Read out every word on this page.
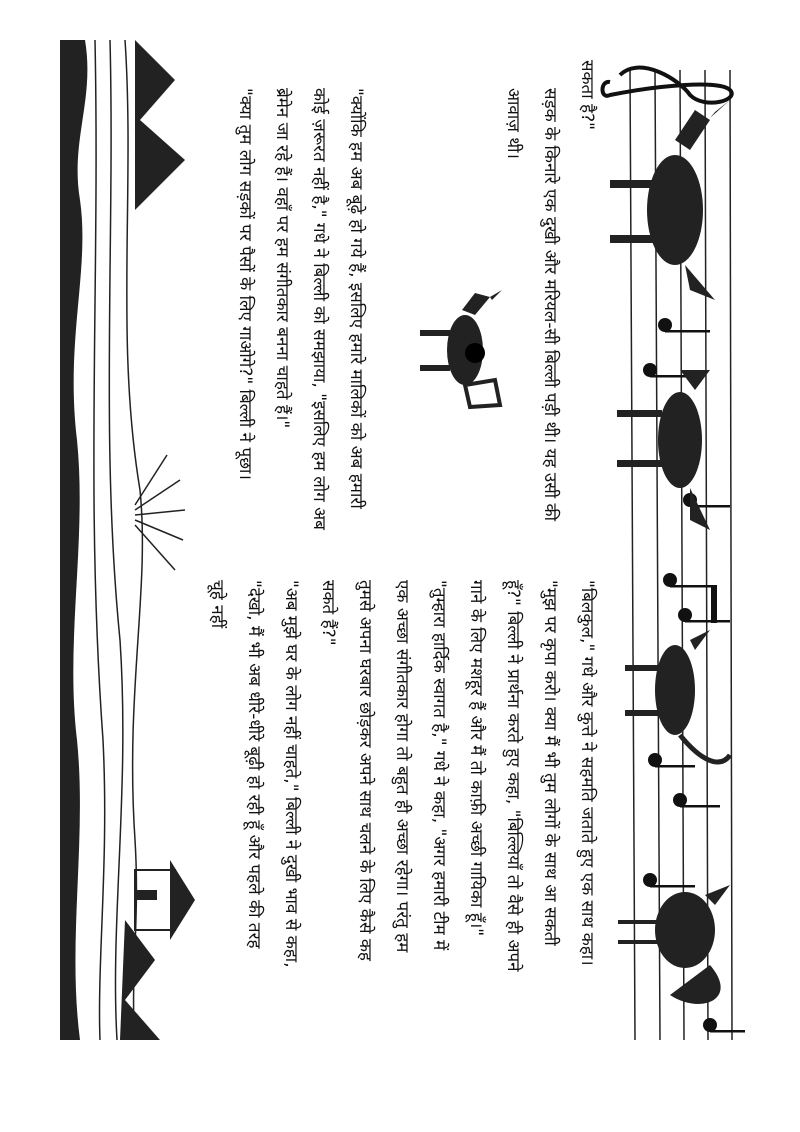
सकता है?"

सड़क के किनारे एक दुखी और मरियल-सी बिल्ली पड़ी थी। यह उसी की आवाज़ थी।

"क्योंकि हम अब बूढ़े हो गये हैं, इसलिए हमारे मालिकों को अब हमारी कोई ज़रूरत नहीं है," गधे ने बिल्ली को समझाया, "इसलिए हम लोग अब ब्रेमेन जा रहे हैं। वहाँ पर हम संगीतकार बनना चाहते हैं।"

"क्या तुम लोग सड़कों पर पैसों के लिए गाओगे?" बिल्ली ने पूछा।

"बिलकुल," गधे और कुत्ते ने सहमति जताते हुए एक साथ कहा।

"मुझ पर कृपा करो। क्या मैं भी तुम लोगों के साथ आ सकती हूँ?" बिल्ली ने प्रार्थना करते हुए कहा, "बिल्लियाँ तो वैसे ही अपने गाने के लिए मशहूर हैं और मैं तो काफ़ी अच्छी गायिका हूँ।"

"तुम्हारा हार्दिक स्वागत है," गधे ने कहा, "अगर हमारी टीम में एक अच्छा संगीतकार होगा तो बहुत ही अच्छा रहेगा। परंतु हम तुमसे अपना घरबार छोड़कर अपने साथ चलने के लिए कैसे कह सकते हैं?"

"अब मुझे घर के लोग नहीं चाहते," बिल्ली ने दुखी भाव से कहा, "देखो, मैं भी अब धीरे-धीरे बूढ़ी हो रही हूँ और पहले की तरह चूहे नहीं
